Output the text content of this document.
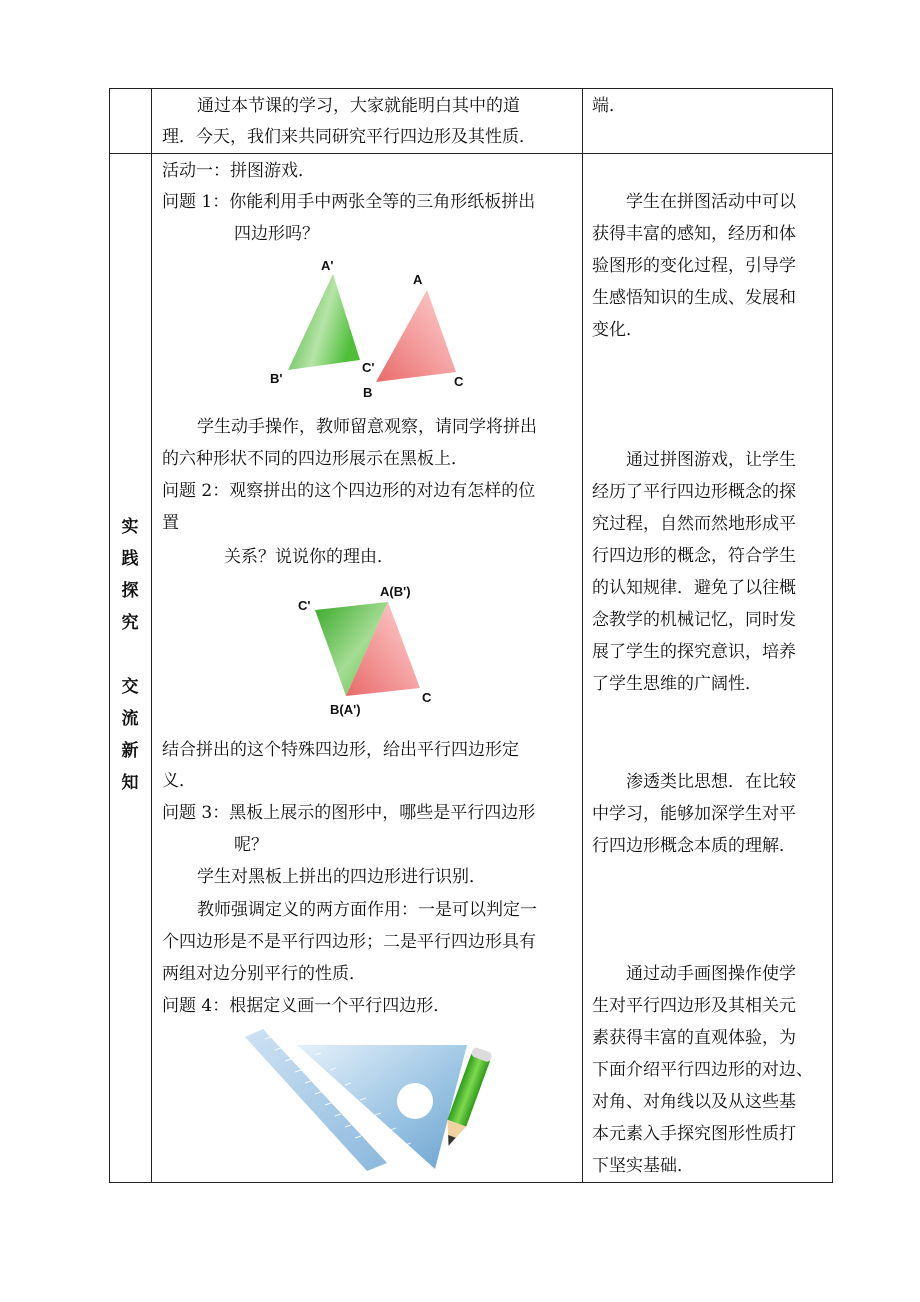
通过本节课的学习，大家就能明白其中的道
理．今天，我们来共同研究平行四边形及其性质．
端．
实
践
探
究
交
流
新
知
活动一：拼图游戏．
问题 1：你能利用手中两张全等的三角形纸板拼出
四边形吗？
A'
B'
C'
A
B
C
学生动手操作，教师留意观察，请同学将拼出
的六种形状不同的四边形展示在黑板上．
问题 2：观察拼出的这个四边形的对边有怎样的位
置
关系？说说你的理由．
C'
A(B')
B(A')
C
结合拼出的这个特殊四边形，给出平行四边形定
义．
问题 3：黑板上展示的图形中，哪些是平行四边形
呢？
学生对黑板上拼出的四边形进行识别．
教师强调定义的两方面作用：一是可以判定一
个四边形是不是平行四边形；二是平行四边形具有
两组对边分别平行的性质．
问题 4：根据定义画一个平行四边形．
学生在拼图活动中可以
获得丰富的感知，经历和体
验图形的变化过程，引导学
生感悟知识的生成、发展和
变化．
通过拼图游戏，让学生
经历了平行四边形概念的探
究过程，自然而然地形成平
行四边形的概念，符合学生
的认知规律．避免了以往概
念教学的机械记忆，同时发
展了学生的探究意识，培养
了学生思维的广阔性．
渗透类比思想．在比较
中学习，能够加深学生对平
行四边形概念本质的理解．
通过动手画图操作使学
生对平行四边形及其相关元
素获得丰富的直观体验，为
下面介绍平行四边形的对边、
对角、对角线以及从这些基
本元素入手探究图形性质打
下坚实基础．
